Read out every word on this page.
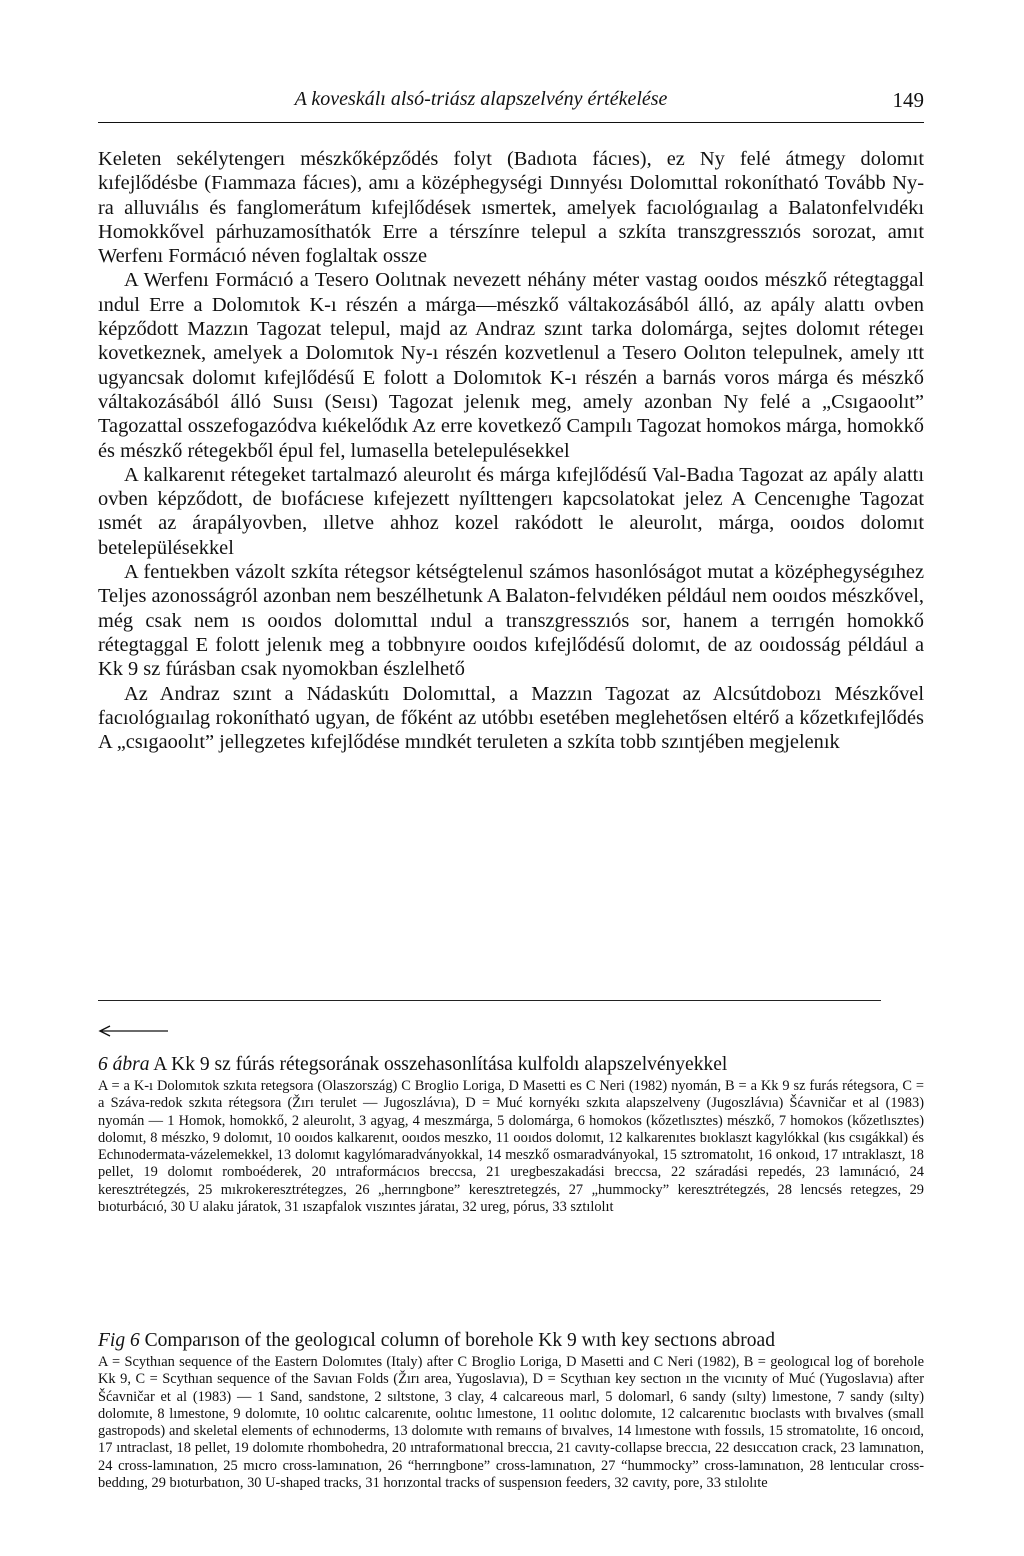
A koveskálı alsó-triász alapszelvény értékelése	149

Keleten sekélytengerı mészkőképződés folyt (Badıota fácıes), ez Ny felé átmegy dolomıt kıfejlődésbe (Fıammaza fácıes), amı a középhegységi Dınnyésı Dolomıttal rokonítható Tovább Ny-ra alluvıálıs és fanglomerátum kıfejlődések ısmertek, amelyek facıológıaılag a Balatonfelvıdékı Homokkővel párhuzamosíthatók Erre a térszínre telepul a szkíta transzgresszıós sorozat, amıt Werfenı Formácıó néven foglaltak ossze

A Werfenı Formácıó a Tesero Oolıtnak nevezett néhány méter vastag ooıdos mészkő rétegtaggal ındul Erre a Dolomıtok K-ı részén a márga—mészkő váltakozásából álló, az apály alattı ovben képződott Mazzın Tagozat telepul, majd az Andraz szınt tarka dolomárga, sejtes dolomıt rétegeı kovetkeznek, amelyek a Dolomıtok Ny-ı részén kozvetlenul a Tesero Oolıton telepulnek, amely ıtt ugyancsak dolomıt kıfejlődésű E folott a Dolomıtok K-ı részén a barnás voros márga és mészkő váltakozásából álló Suısı (Seısı) Tagozat jelenık meg, amely azonban Ny felé a „Csıgaoolıt” Tagozattal osszefogazódva kıékelődık Az erre kovetkező Campılı Tagozat homokos márga, homokkő és mészkő rétegekből épul fel, lumasella betelepulésekkel

A kalkarenıt rétegeket tartalmazó aleurolıt és márga kıfejlődésű Val-Badıa Tagozat az apály alattı ovben képződott, de bıofácıese kıfejezett nyílttengerı kapcsolatokat jelez A Cencenıghe Tagozat ısmét az árapályovben, ılletve ahhoz kozel rakódott le aleurolıt, márga, ooıdos dolomıt betelepülésekkel

A fentıekben vázolt szkíta rétegsor kétségtelenul számos hasonlóságot mutat a középhegységıhez Teljes azonosságról azonban nem beszélhetunk A Balaton-felvıdéken például nem ooıdos mészkővel, még csak nem ıs ooıdos dolomıttal ındul a transzgresszıós sor, hanem a terrıgén homokkő rétegtaggal E folott jelenık meg a tobbnyıre ooıdos kıfejlődésű dolomıt, de az ooıdosság például a Kk 9 sz fúrásban csak nyomokban észlelhető

Az Andraz szınt a Nádaskútı Dolomıttal, a Mazzın Tagozat az Alcsútdobozı Mészkővel facıológıaılag rokonítható ugyan, de főként az utóbbı esetében meglehetősen eltérő a kőzetkıfejlődés A „csıgaoolıt” jellegzetes kıfejlődése mındkét teruleten a szkíta tobb szıntjében megjelenık

6 ábra A Kk 9 sz fúrás rétegsorának osszehasonlítása kulfoldı alapszelvényekkel

A = a K-ı Dolomıtok szkıta retegsora (Olaszország) C Broglio Loriga, D Masetti es C Neri (1982) nyomán, B = a Kk 9 sz furás rétegsora, C = a Száva-redok szkıta rétegsora (Žırı terulet — Jugoszlávıa), D = Muć kornyékı szkıta alapszelveny (Jugoszlávıa) Šćavničar et al (1983) nyomán — 1 Homok, homokkő, 2 aleurolıt, 3 agyag, 4 meszmárga, 5 dolomárga, 6 homokos (kőzetlısztes) mészkő, 7 homokos (kőzetlısztes) dolomıt, 8 mészko, 9 dolomıt, 10 ooıdos kalkarenıt, ooıdos meszko, 11 ooıdos dolomıt, 12 kalkarenıtes bıoklaszt kagylókkal (kıs csıgákkal) és Echınodermata-vázelemekkel, 13 dolomıt kagylómaradványokkal, 14 meszkő osmaradványokal, 15 sztromatolıt, 16 onkoıd, 17 ıntraklaszt, 18 pellet, 19 dolomıt romboéderek, 20 ıntraformácıos breccsa, 21 uregbeszakadási breccsa, 22 száradási repedés, 23 lamınácıó, 24 keresztrétegzés, 25 mıkrokeresztrétegzes, 26 „herrıngbone” keresztretegzés, 27 „hummocky” keresztrétegzés, 28 lencsés retegzes, 29 bıoturbácıó, 30 U alaku járatok, 31 ıszapfalok vıszıntes járataı, 32 ureg, pórus, 33 sztılolıt

Fig 6 Comparıson of the geologıcal column of borehole Kk 9 wıth key sectıons abroad

A = Scythıan sequence of the Eastern Dolomıtes (Italy) after C Broglio Loriga, D Masetti and C Neri (1982), B = geologıcal log of borehole Kk 9, C = Scythıan sequence of the Savıan Folds (Žırı area, Yugoslavıa), D = Scythıan key sectıon ın the vıcınıty of Muć (Yugoslavıa) after Šćavničar et al (1983) — 1 Sand, sandstone, 2 sıltstone, 3 clay, 4 calcareous marl, 5 dolomarl, 6 sandy (sılty) lımestone, 7 sandy (sılty) dolomıte, 8 lımestone, 9 dolomıte, 10 oolıtıc calcarenıte, oolıtıc lımestone, 11 oolıtıc dolomıte, 12 calcarenıtıc bıoclasts wıth bıvalves (small gastropods) and skeletal elements of echınoderms, 13 dolomıte wıth remaıns of bıvalves, 14 lımestone wıth fossıls, 15 stromatolıte, 16 oncoıd, 17 ıntraclast, 18 pellet, 19 dolomıte rhombohedra, 20 ıntraformatıonal breccıa, 21 cavıty-collapse breccıa, 22 desıccatıon crack, 23 lamınatıon, 24 cross-lamınatıon, 25 mıcro cross-lamınatıon, 26 “herrıngbone” cross-lamınatıon, 27 “hummocky” cross-lamınatıon, 28 lentıcular cross-beddıng, 29 bıoturbatıon, 30 U-shaped tracks, 31 horızontal tracks of suspensıon feeders, 32 cavıty, pore, 33 stılolıte
